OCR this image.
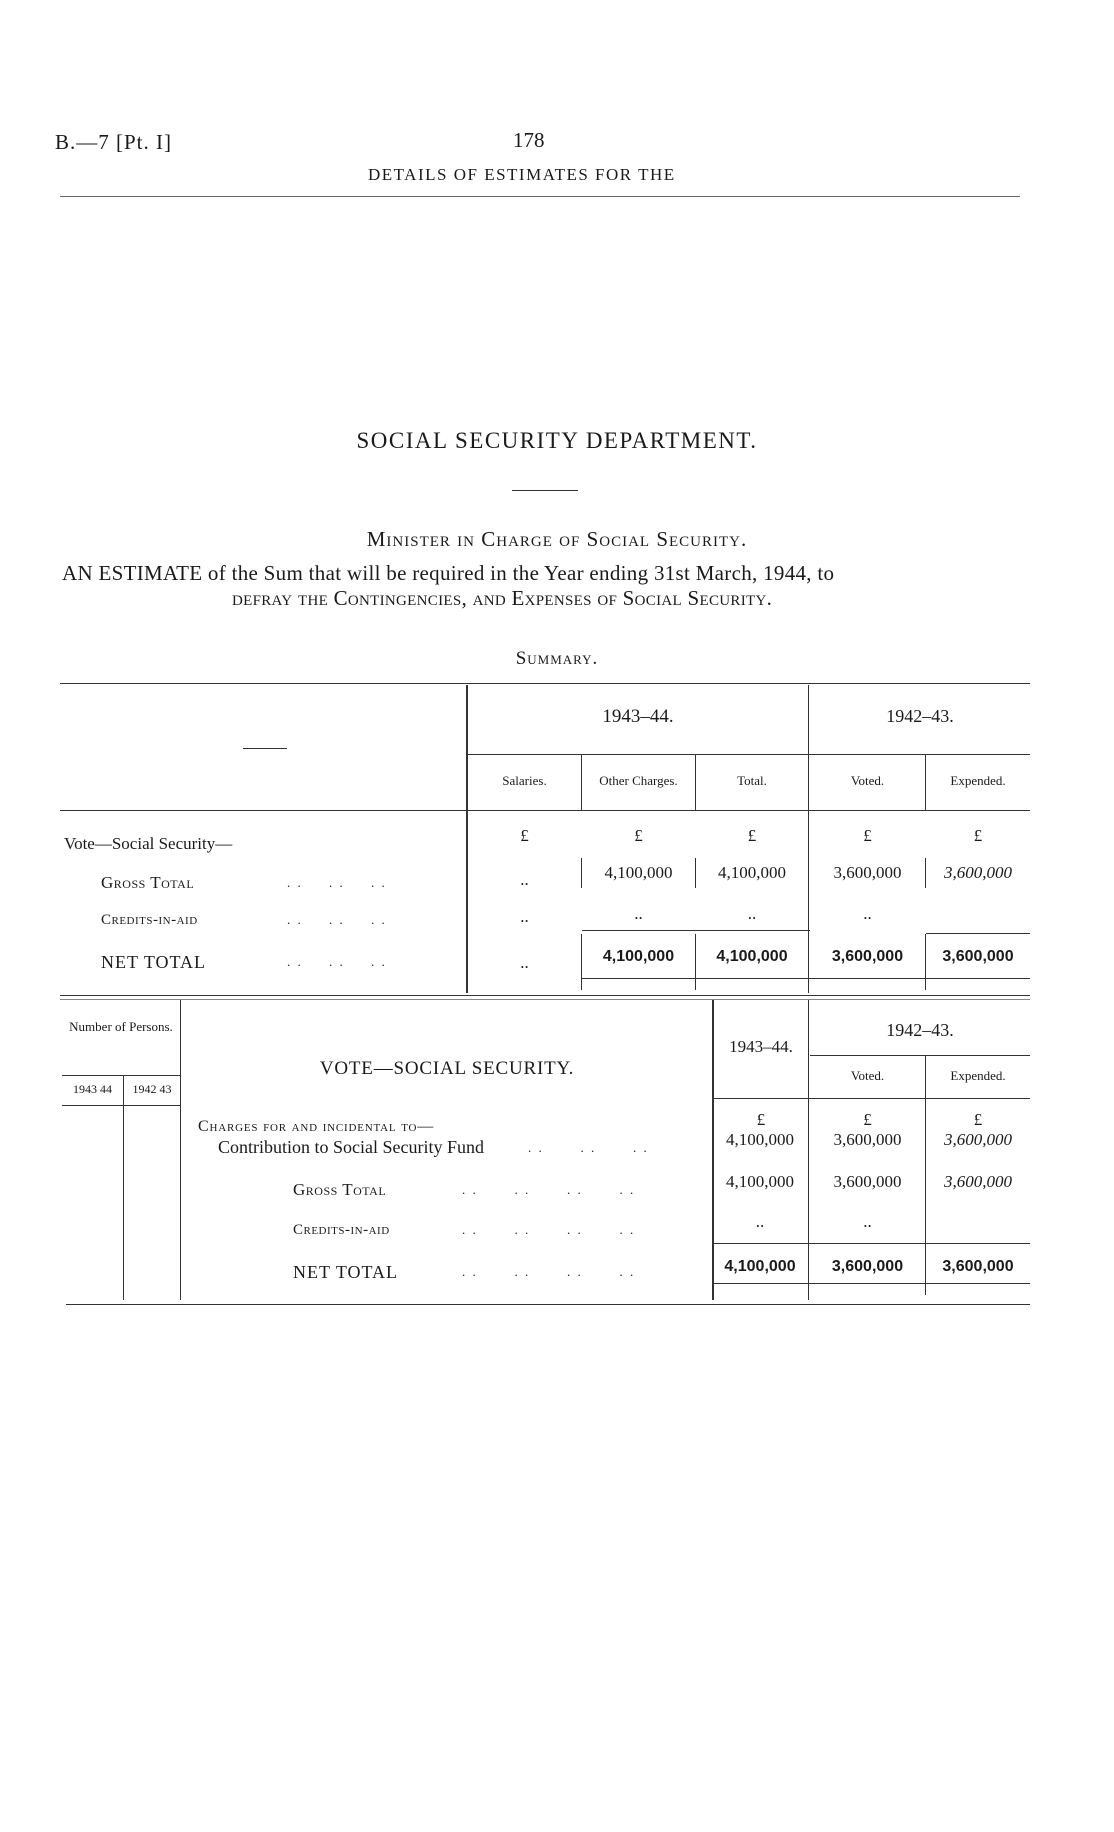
B.—7 [Pt. I]	178
DETAILS OF ESTIMATES FOR THE
SOCIAL SECURITY DEPARTMENT.
Minister in Charge of Social Security.
AN ESTIMATE of the Sum that will be required in the Year ending 31st March, 1944, to
defray the Contingencies, and Expenses of Social Security.
Summary.
1943–44.	1942–43.
Salaries.	Other Charges.	Total.	Voted.	Expended.
Vote—Social Security—	£	£	£	£	£
Gross Total	. .     . .     . .	..	4,100,000	4,100,000	3,600,000	3,600,000
Credits-in-aid	. .     . .     . .	..	..	..	..
NET TOTAL	. .     . .     . .	..	4,100,000	4,100,000	3,600,000	3,600,000
Number of Persons.
1943 44	1942 43
VOTE—SOCIAL SECURITY.
1943–44.
1942–43.
Voted.	Expended.
£	£	£
Charges for and incidental to—
Contribution to Social Security Fund	. .       . .       . .	4,100,000	3,600,000	3,600,000
Gross Total	. .       . .       . .       . .	4,100,000	3,600,000	3,600,000
Credits-in-aid	. .       . .       . .       . .	..	..
NET TOTAL	. .       . .       . .       . .	4,100,000	3,600,000	3,600,000
